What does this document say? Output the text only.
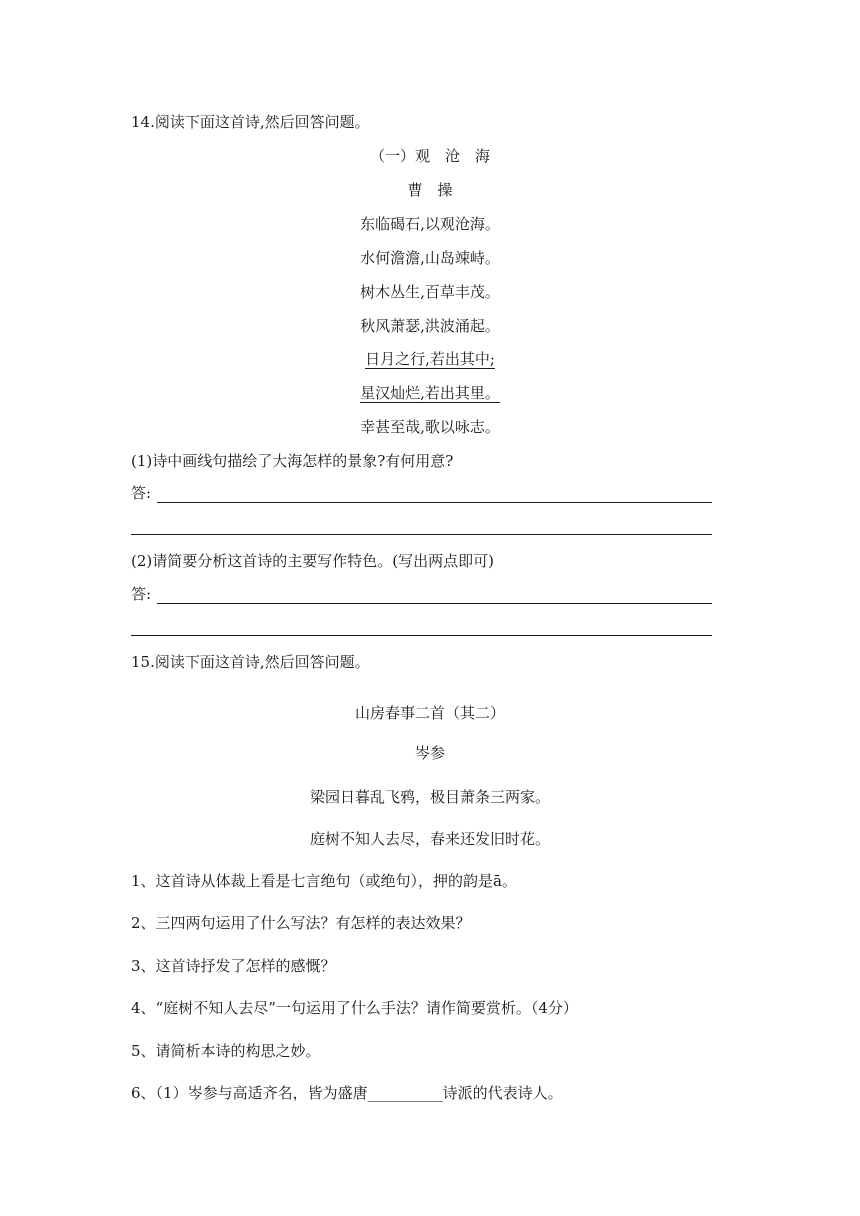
14.阅读下面这首诗,然后回答问题。
（一）观　沧　海
曹　操
东临碣石,以观沧海。
水何澹澹,山岛竦峙。
树木丛生,百草丰茂。
秋风萧瑟,洪波涌起。
日月之行,若出其中;
星汉灿烂,若出其里。
幸甚至哉,歌以咏志。
(1)诗中画线句描绘了大海怎样的景象?有何用意?
答:
(2)请简要分析这首诗的主要写作特色。(写出两点即可)
答:
15.阅读下面这首诗,然后回答问题。
山房春事二首（其二）
岑参
梁园日暮乱飞鸦，极目萧条三两家。
庭树不知人去尽，春来还发旧时花。
1、这首诗从体裁上看是七言绝句（或绝句），押的韵是ā。
2、三四两句运用了什么写法？有怎样的表达效果？
3、这首诗抒发了怎样的感慨？
4、“庭树不知人去尽”一句运用了什么手法？请作简要赏析。（4分）
5、请简析本诗的构思之妙。
6、（1）岑参与高适齐名，皆为盛唐__________诗派的代表诗人。
